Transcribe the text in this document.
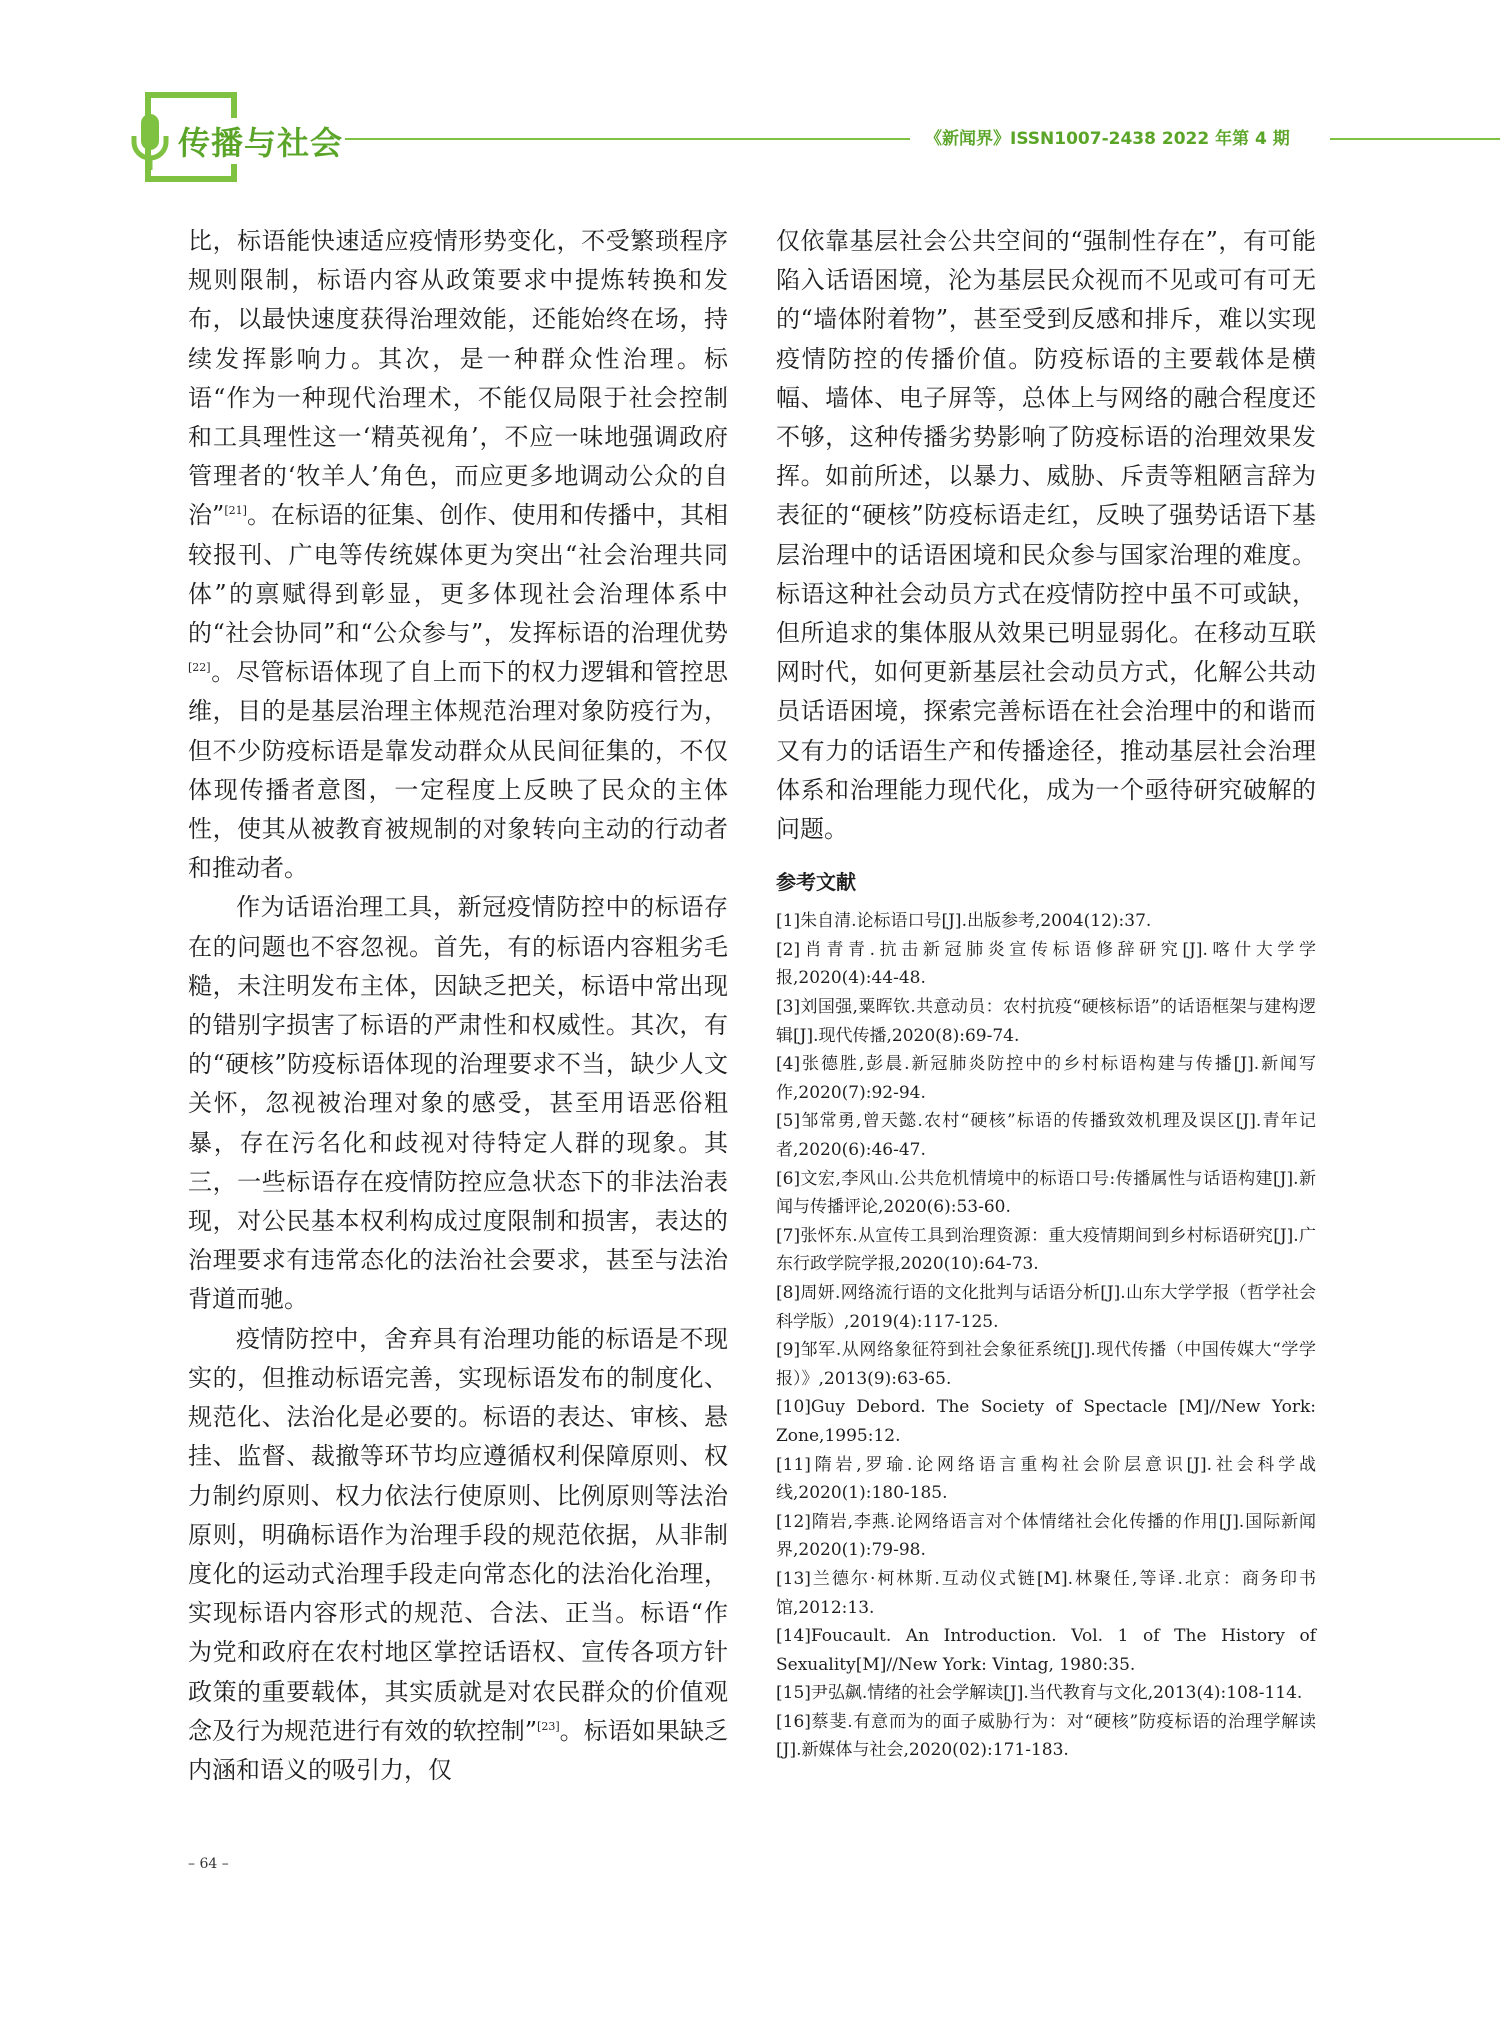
传播与社会	《新闻界》ISSN1007-2438 2022 年第 4 期

比，标语能快速适应疫情形势变化，不受繁琐程序规则限制，标语内容从政策要求中提炼转换和发布，以最快速度获得治理效能，还能始终在场，持续发挥影响力。其次，是一种群众性治理。标语“作为一种现代治理术，不能仅局限于社会控制和工具理性这一‘精英视角’，不应一味地强调政府管理者的‘牧羊人’角色，而应更多地调动公众的自治”[21]。在标语的征集、创作、使用和传播中，其相较报刊、广电等传统媒体更为突出“社会治理共同体”的禀赋得到彰显，更多体现社会治理体系中的“社会协同”和“公众参与”，发挥标语的治理优势[22]。尽管标语体现了自上而下的权力逻辑和管控思维，目的是基层治理主体规范治理对象防疫行为，但不少防疫标语是靠发动群众从民间征集的，不仅体现传播者意图，一定程度上反映了民众的主体性，使其从被教育被规制的对象转向主动的行动者和推动者。

作为话语治理工具，新冠疫情防控中的标语存在的问题也不容忽视。首先，有的标语内容粗劣毛糙，未注明发布主体，因缺乏把关，标语中常出现的错别字损害了标语的严肃性和权威性。其次，有的“硬核”防疫标语体现的治理要求不当，缺少人文关怀，忽视被治理对象的感受，甚至用语恶俗粗暴，存在污名化和歧视对待特定人群的现象。其三，一些标语存在疫情防控应急状态下的非法治表现，对公民基本权利构成过度限制和损害，表达的治理要求有违常态化的法治社会要求，甚至与法治背道而驰。

疫情防控中，舍弃具有治理功能的标语是不现实的，但推动标语完善，实现标语发布的制度化、规范化、法治化是必要的。标语的表达、审核、悬挂、监督、裁撤等环节均应遵循权利保障原则、权力制约原则、权力依法行使原则、比例原则等法治原则，明确标语作为治理手段的规范依据，从非制度化的运动式治理手段走向常态化的法治化治理，实现标语内容形式的规范、合法、正当。标语“作为党和政府在农村地区掌控话语权、宣传各项方针政策的重要载体，其实质就是对农民群众的价值观念及行为规范进行有效的软控制”[23]。标语如果缺乏内涵和语义的吸引力，仅

仅依靠基层社会公共空间的“强制性存在”，有可能陷入话语困境，沦为基层民众视而不见或可有可无的“墙体附着物”，甚至受到反感和排斥，难以实现疫情防控的传播价值。防疫标语的主要载体是横幅、墙体、电子屏等，总体上与网络的融合程度还不够，这种传播劣势影响了防疫标语的治理效果发挥。如前所述，以暴力、威胁、斥责等粗陋言辞为表征的“硬核”防疫标语走红，反映了强势话语下基层治理中的话语困境和民众参与国家治理的难度。标语这种社会动员方式在疫情防控中虽不可或缺，但所追求的集体服从效果已明显弱化。在移动互联网时代，如何更新基层社会动员方式，化解公共动员话语困境，探索完善标语在社会治理中的和谐而又有力的话语生产和传播途径，推动基层社会治理体系和治理能力现代化，成为一个亟待研究破解的问题。

参考文献
[1]朱自清.论标语口号[J].出版参考,2004(12):37.
[2]肖青青.抗击新冠肺炎宣传标语修辞研究[J].喀什大学学报,2020(4):44-48.
[3]刘国强,粟晖钦.共意动员：农村抗疫“硬核标语”的话语框架与建构逻辑[J].现代传播,2020(8):69-74.
[4]张德胜,彭晨.新冠肺炎防控中的乡村标语构建与传播[J].新闻写作,2020(7):92-94.
[5]邹常勇,曾天懿.农村“硬核”标语的传播致效机理及误区[J].青年记者,2020(6):46-47.
[6]文宏,李风山.公共危机情境中的标语口号:传播属性与话语构建[J].新闻与传播评论,2020(6):53-60.
[7]张怀东.从宣传工具到治理资源：重大疫情期间到乡村标语研究[J].广东行政学院学报,2020(10):64-73.
[8]周妍.网络流行语的文化批判与话语分析[J].山东大学学报（哲学社会科学版）,2019(4):117-125.
[9]邹军.从网络象征符到社会象征系统[J].现代传播（中国传媒大“学学报）》,2013(9):63-65.
[10]Guy Debord. The Society of Spectacle [M]//New York: Zone,1995:12.
[11]隋岩,罗瑜.论网络语言重构社会阶层意识[J].社会科学战线,2020(1):180-185.
[12]隋岩,李燕.论网络语言对个体情绪社会化传播的作用[J].国际新闻界,2020(1):79-98.
[13]兰德尔·柯林斯.互动仪式链[M].林聚任,等译.北京：商务印书馆,2012:13.
[14]Foucault. An Introduction. Vol. 1 of The History of Sexuality[M]//New York: Vintag, 1980:35.
[15]尹弘飙.情绪的社会学解读[J].当代教育与文化,2013(4):108-114.
[16]蔡斐.有意而为的面子威胁行为：对“硬核”防疫标语的治理学解读[J].新媒体与社会,2020(02):171-183.
– 64 –
